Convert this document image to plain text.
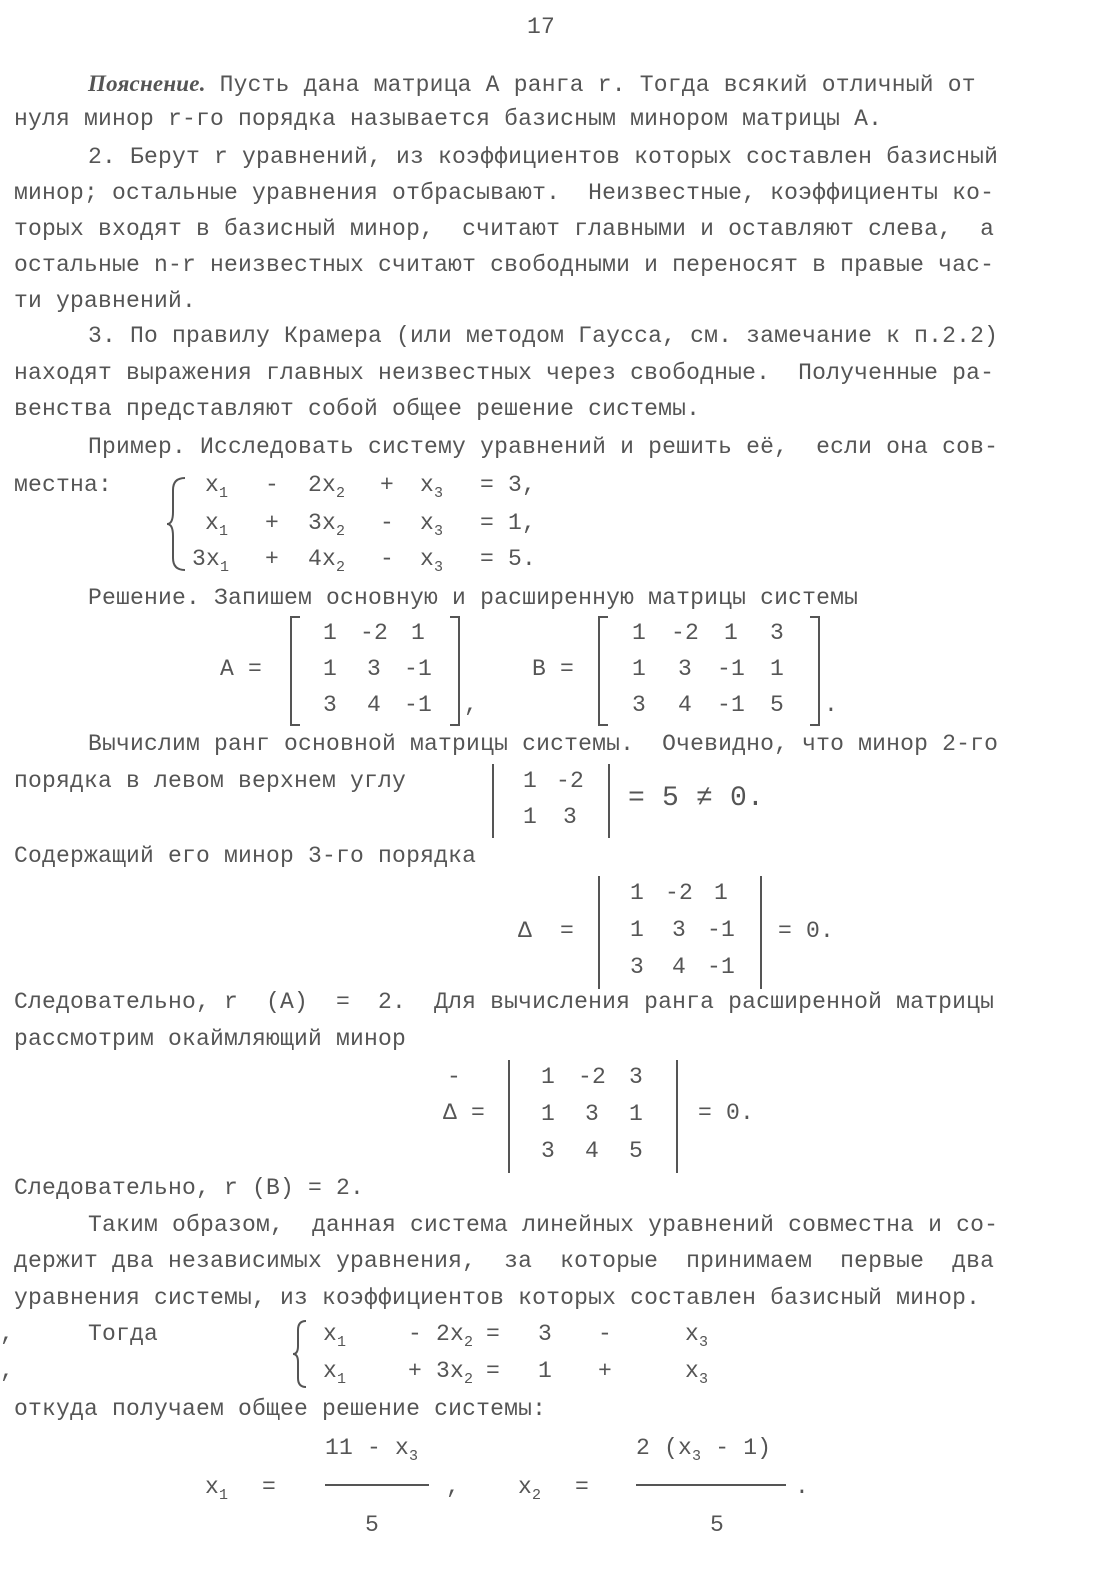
17
Пояснение. Пусть дана матрица A ранга r. Тогда всякий отличный от
нуля минор r-го порядка называется базисным минором матрицы A.
2. Берут r уравнений, из коэффициентов которых составлен базисный
минор; остальные уравнения отбрасывают.  Неизвестные, коэффициенты ко-
торых входят в базисный минор,  считают главными и оставляют слева,  а
остальные n-r неизвестных считают свободными и переносят в правые час-
ти уравнений.
3. По правилу Крамера (или методом Гаусса, см. замечание к п.2.2)
находят выражения главных неизвестных через свободные.  Полученные ра-
венства представляют собой общее решение системы.
Пример. Исследовать систему уравнений и решить её,  если она сов-
местна:	$x_1 - 2x_2 + x_3 = 3$,
$x_1 + 3x_2 - x_3 = 1$,
$3x_1 + 4x_2 - x_3 = 5$.
Решение. Запишем основную и расширенную матрицы системы
A =
1 -2 1
1	3 -1
3	4 -1	,
B =
1	-2	1	3
1	3	-1	1
3	4	-1	5	.
Вычислим ранг основной матрицы системы.  Очевидно, что минор 2-го
порядка в левом верхнем углу	1 -2
1	3
= 5 ≠ 0.
Содержащий его минор 3-го порядка
Δ  =
1 -2 1
1	3 -1
3	4 -1
= 0.
Следовательно, r  (A)  =  2.  Для вычисления ранга расширенной матрицы
рассмотрим окаймляющий минор
-
Δ =
1 -2 3
1	3	1
3	4	5
= 0.
Следовательно, r (B) = 2.
Таким образом,  данная система линейных уравнений совместна и со-
держит два независимых уравнения,  за  которые  принимаем  первые  два
уравнения системы, из коэффициентов которых составлен базисный минор.
Тогда	$x_1$	- $2x_2 = 3$ -	$x_3$
,
$x_1$	+ $3x_2 = 1$ +	$x_3$
,
откуда получаем общее решение системы:
$x_1$ =
$11 - x_3$
5
,	$x_2$ =
2 $(x_3 - 1)$
5
.
